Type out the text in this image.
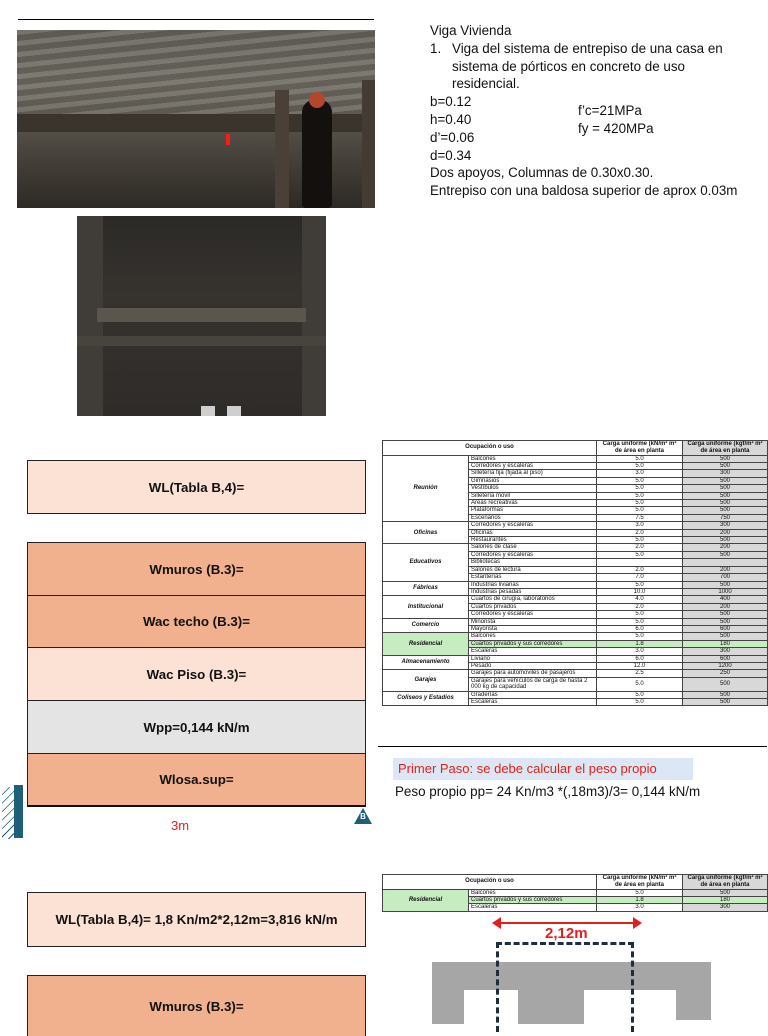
Viga Vivienda

1. Viga del sistema de entrepiso de una casa en sistema de pórticos en concreto de uso residencial.
b=0.12
h=0.40
f’c=21MPa
d’=0.06
fy = 420MPa
d=0.34

Dos apoyos, Columnas de 0.30x0.30.

Entrepiso con una baldosa superior de aprox 0.03m

WL(Tabla B,4)=
Wmuros (B.3)=
Wac techo (B.3)=
Wac Piso (B.3)=
Wpp=0,144 kN/m
Wlosa.sup=
3m
B
Ocupación o uso		Carga uniforme (kN/m² m² de área en planta	Carga uniforme (kgf/m² m² de área en planta
Reunión	Balcones	5.0	500
	Corredores y escaleras	5.0	500
	Silletería fija (fijada al piso)	3.0	300
	Gimnasios	5.0	500
	Vestíbulos	5.0	500
	Silletería movil	5.0	500
	Áreas recreativas	5.0	500
	Plataformas	5.0	500
	Escenarios	7.5	750
Oficinas	Corredores y escaleras	3.0	300
	Oficinas	2.0	200
	Restaurantes	5.0	500
Educativos	Salones de clase	2.0	200
	Corredores y escaleras	5.0	500
	Bibliotecas		
	Salones de lectura	2.0	200
	Estanterías	7.0	700
Fábricas	Industrias livianas	5.0	500
	Industrias pesadas	10.0	1000
Institucional	Cuartos de cirugía, laboratorios	4.0	400
	Cuartos privados	2.0	200
	Corredores y escaleras	5.0	500
Comercio	Minorista	5.0	500
	Mayorista	6.0	600
Residencial	Balcones	5.0	500
	Cuartos privados y sus corredores	1.8	180
	Escaleras	3.0	300
Almacenamiento	Liviano	6.0	600
	Pesado	12.0	1200
Garajes	Garajes para automoviles de pasajeros	2.5	250
	Garajes para vehículos de carga de hasta 2 000 kg de capacidad	5.0	500
Coliseos y Estadios	Graderías	5.0	500
	Escaleras	5.0	500
Primer Paso: se debe calcular el peso propio
Peso propio pp= 24 Kn/m3 *(,18m3)/3= 0,144 kN/m
WL(Tabla B,4)= 1,8 Kn/m2*2,12m=3,816 kN/m
Wmuros (B.3)=
Ocupación o uso		Carga uniforme (kN/m² m² de área en planta	Carga uniforme (kgf/m² m² de área en planta
Residencial	Balcones	5.0	500
	Cuartos privados y sus corredores	1.8	180
	Escaleras	3.0	300
2,12m
